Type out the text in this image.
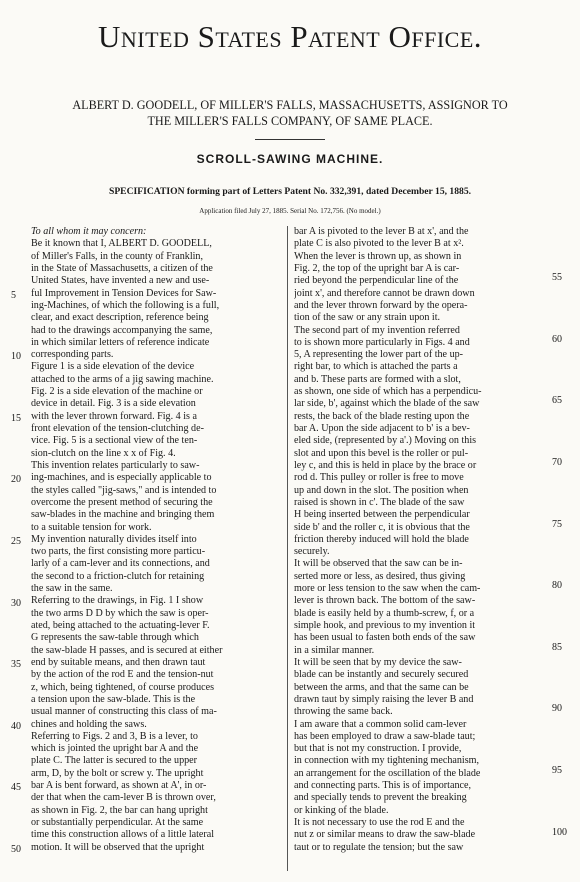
United States Patent Office.
ALBERT D. GOODELL, OF MILLER'S FALLS, MASSACHUSETTS, ASSIGNOR TO
THE MILLER'S FALLS COMPANY, OF SAME PLACE.
SCROLL-SAWING MACHINE.
SPECIFICATION forming part of Letters Patent No. 332,391, dated December 15, 1885.
Application filed July 27, 1885. Serial No. 172,756. (No model.)
To all whom it may concern:
Be it known that I, ALBERT D. GOODELL,
of Miller's Falls, in the county of Franklin,
in the State of Massachusetts, a citizen of the
United States, have invented a new and use-
ful Improvement in Tension Devices for Saw-
ing-Machines, of which the following is a full,
clear, and exact description, reference being
had to the drawings accompanying the same,
in which similar letters of reference indicate
corresponding parts.
Figure 1 is a side elevation of the device
attached to the arms of a jig sawing machine.
Fig. 2 is a side elevation of the machine or
device in detail. Fig. 3 is a side elevation
with the lever thrown forward. Fig. 4 is a
front elevation of the tension-clutching de-
vice. Fig. 5 is a sectional view of the ten-
sion-clutch on the line x x of Fig. 4.
This invention relates particularly to saw-
ing-machines, and is especially applicable to
the styles called "jig-saws," and is intended to
overcome the present method of securing the
saw-blades in the machine and bringing them
to a suitable tension for work.
My invention naturally divides itself into
two parts, the first consisting more particu-
larly of a cam-lever and its connections, and
the second to a friction-clutch for retaining
the saw in the same.
Referring to the drawings, in Fig. 1 I show
the two arms D D by which the saw is oper-
ated, being attached to the actuating-lever F.
G represents the saw-table through which
the saw-blade H passes, and is secured at either
end by suitable means, and then drawn taut
by the action of the rod E and the tension-nut
z, which, being tightened, of course produces
a tension upon the saw-blade. This is the
usual manner of constructing this class of ma-
chines and holding the saws.
Referring to Figs. 2 and 3, B is a lever, to
which is jointed the upright bar A and the
plate C. The latter is secured to the upper
arm, D, by the bolt or screw y. The upright
bar A is bent forward, as shown at A', in or-
der that when the cam-lever B is thrown over,
as shown in Fig. 2, the bar can hang upright
or substantially perpendicular. At the same
time this construction allows of a little lateral
motion. It will be observed that the upright
bar A is pivoted to the lever B at x', and the
plate C is also pivoted to the lever B at x².
When the lever is thrown up, as shown in
Fig. 2, the top of the upright bar A is car-
ried beyond the perpendicular line of the
joint x', and therefore cannot be drawn down
and the lever thrown forward by the opera-
tion of the saw or any strain upon it.
The second part of my invention referred
to is shown more particularly in Figs. 4 and
5, A representing the lower part of the up-
right bar, to which is attached the parts a
and b. These parts are formed with a slot,
as shown, one side of which has a perpendicu-
lar side, b', against which the blade of the saw
rests, the back of the blade resting upon the
bar A. Upon the side adjacent to b' is a bev-
eled side, (represented by a'.) Moving on this
slot and upon this bevel is the roller or pul-
ley c, and this is held in place by the brace or
rod d. This pulley or roller is free to move
up and down in the slot. The position when
raised is shown in c'. The blade of the saw
H being inserted between the perpendicular
side b' and the roller c, it is obvious that the
friction thereby induced will hold the blade
securely.
It will be observed that the saw can be in-
serted more or less, as desired, thus giving
more or less tension to the saw when the cam-
lever is thrown back. The bottom of the saw-
blade is easily held by a thumb-screw, f, or a
simple hook, and previous to my invention it
has been usual to fasten both ends of the saw
in a similar manner.
It will be seen that by my device the saw-
blade can be instantly and securely secured
between the arms, and that the same can be
drawn taut by simply raising the lever B and
throwing the same back.
I am aware that a common solid cam-lever
has been employed to draw a saw-blade taut;
but that is not my construction. I provide,
in connection with my tightening mechanism,
an arrangement for the oscillation of the blade
and connecting parts. This is of importance,
and specially tends to prevent the breaking
or kinking of the blade.
It is not necessary to use the rod E and the
nut z or similar means to draw the saw-blade
taut or to regulate the tension; but the saw
5
10
15
20
25
30
35
40
45
50
55
60
65
70
75
80
85
90
95
100
